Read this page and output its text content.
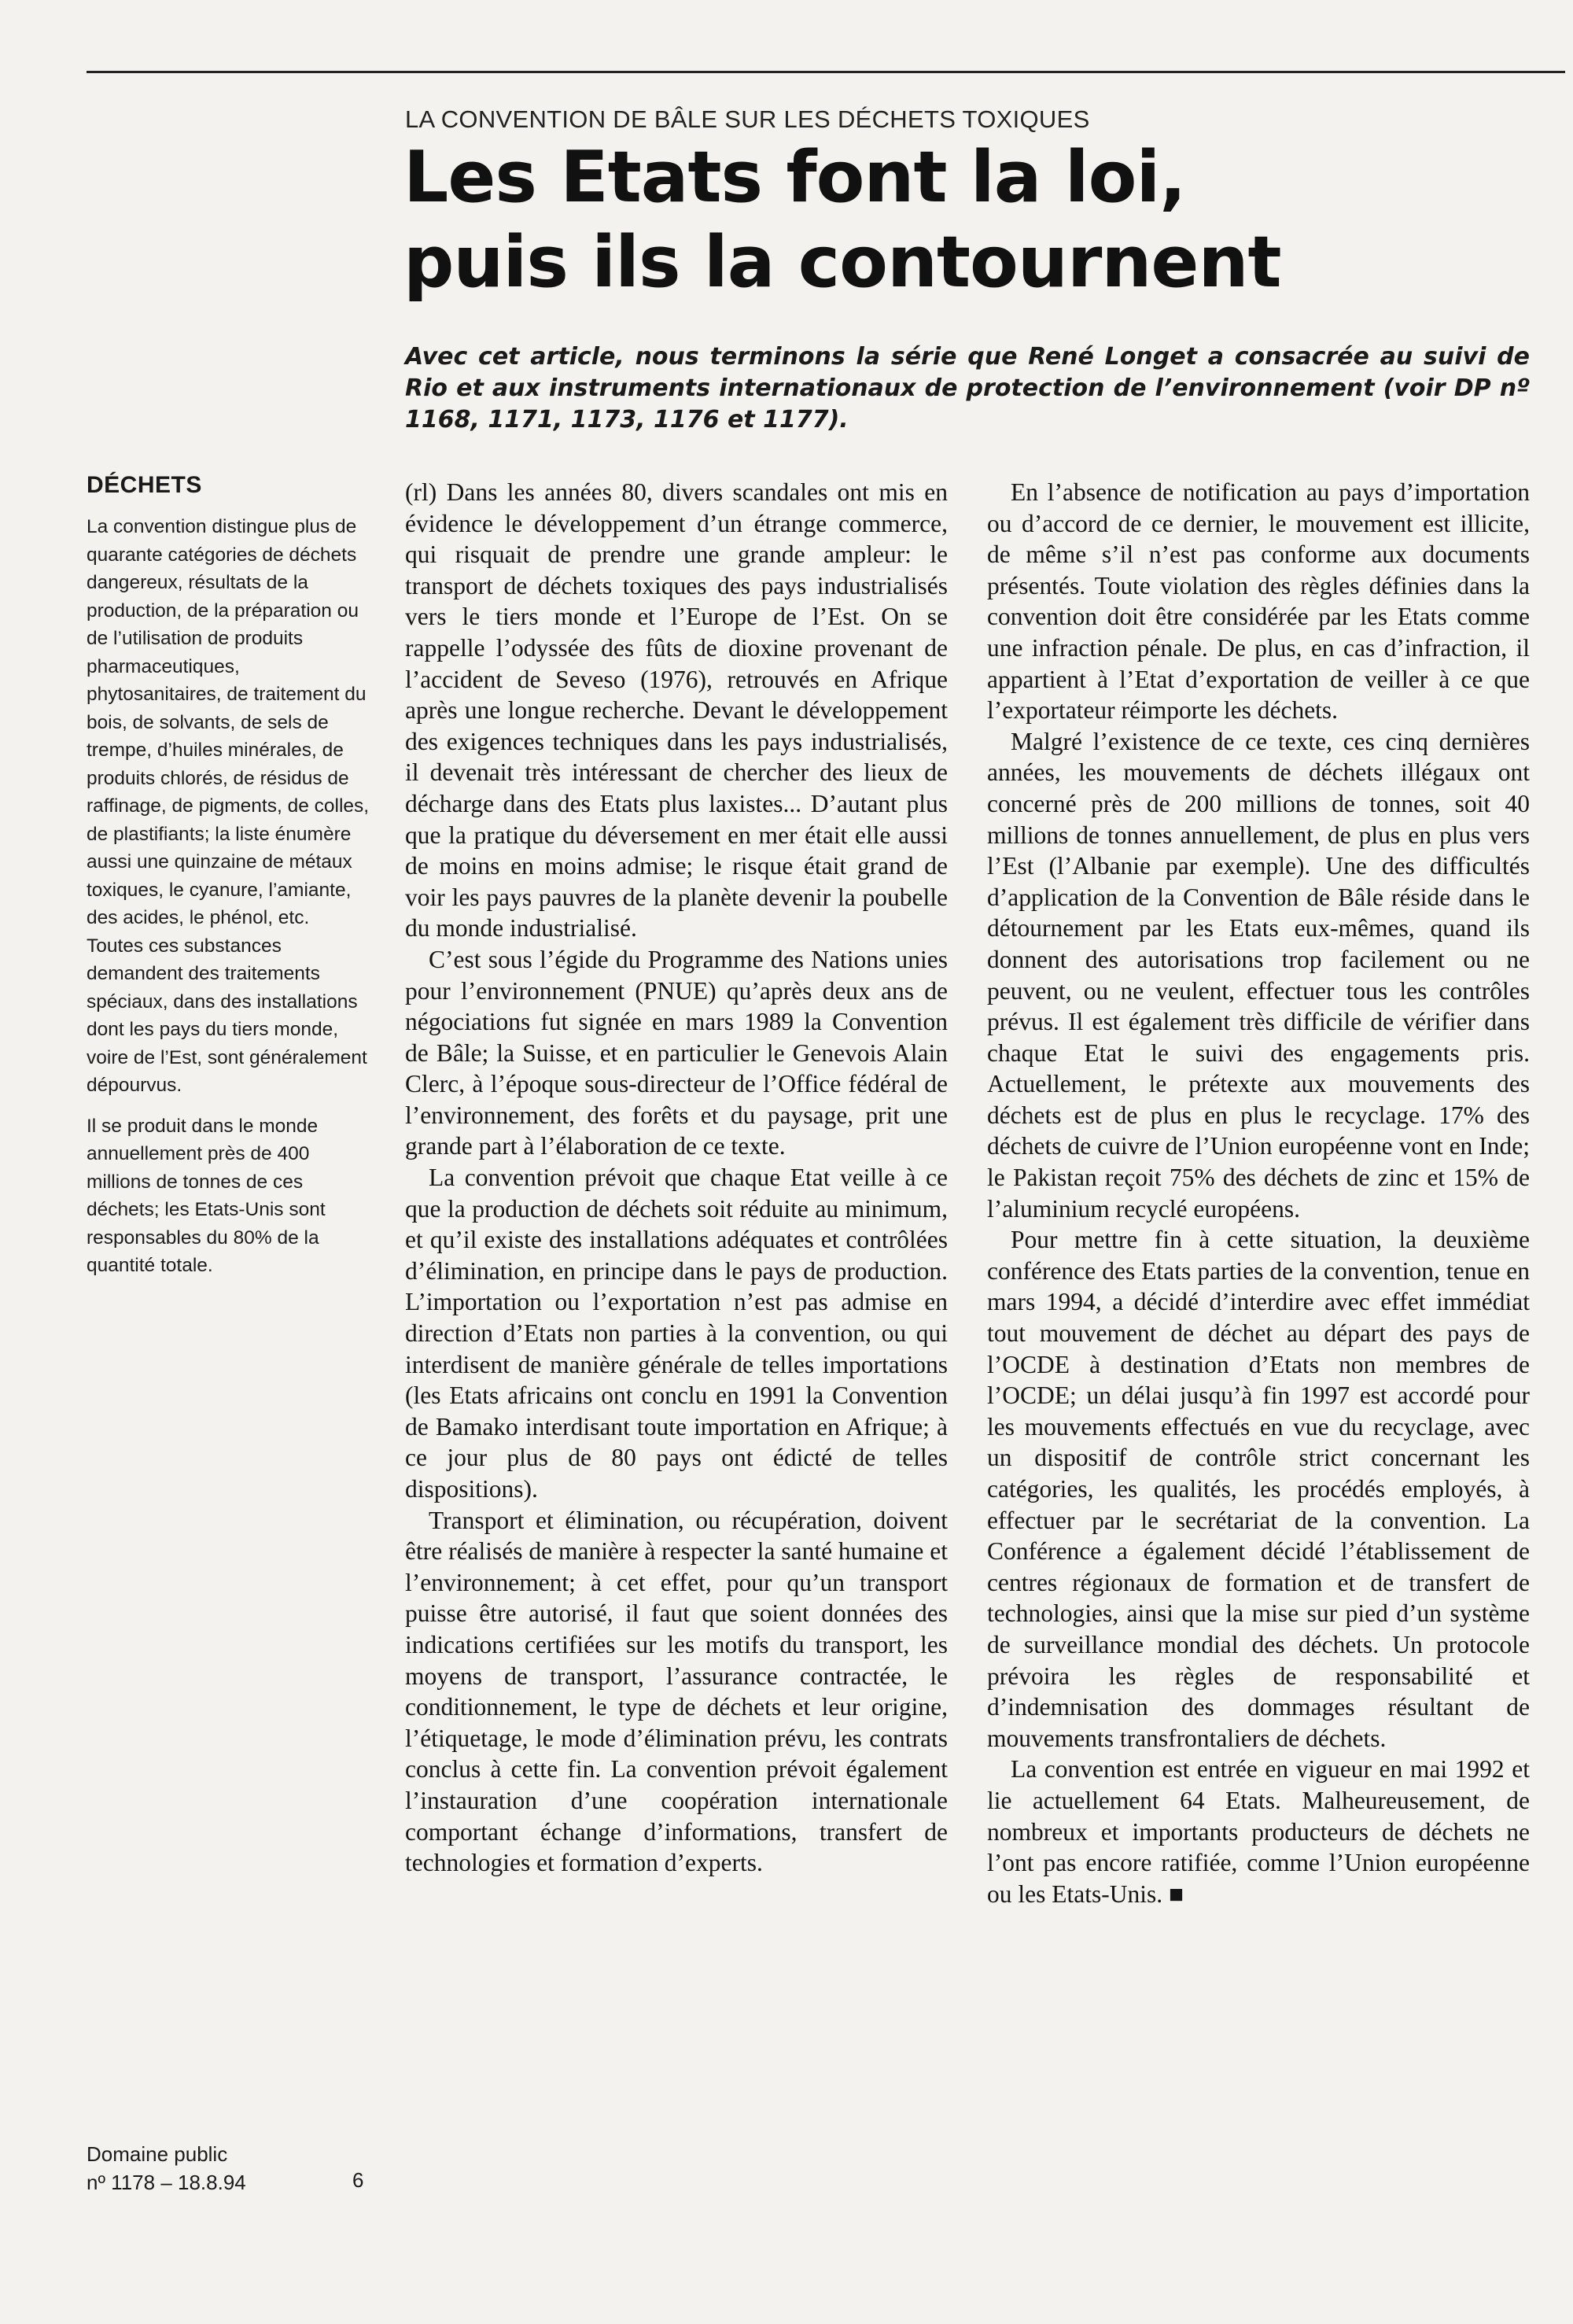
LA CONVENTION DE BÂLE SUR LES DÉCHETS TOXIQUES
Les Etats font la loi,
puis ils la contournent
Avec cet article, nous terminons la série que René Longet a consacrée au suivi de Rio et aux instruments internationaux de protection de l’environnement (voir DP nº 1168, 1171, 1173, 1176 et 1177).
DÉCHETS

La convention distingue plus de quarante catégories de déchets dangereux, résultats de la production, de la préparation ou de l’utilisation de produits pharmaceutiques, phytosanitaires, de traitement du bois, de solvants, de sels de trempe, d’huiles minérales, de produits chlorés, de résidus de raffinage, de pigments, de colles, de plastifiants; la liste énumère aussi une quinzaine de métaux toxiques, le cyanure, l’amiante, des acides, le phénol, etc. Toutes ces substances demandent des traitements spéciaux, dans des installations dont les pays du tiers monde, voire de l’Est, sont généralement dépourvus.

Il se produit dans le monde annuellement près de 400 millions de tonnes de ces déchets; les Etats-Unis sont responsables du 80% de la quantité totale.

(rl) Dans les années 80, divers scandales ont mis en évidence le développement d’un étrange commerce, qui risquait de prendre une grande ampleur: le transport de déchets toxiques des pays industrialisés vers le tiers monde et l’Europe de l’Est. On se rappelle l’odyssée des fûts de dioxine provenant de l’accident de Seveso (1976), retrouvés en Afrique après une longue recherche. Devant le développement des exigences techniques dans les pays industrialisés, il devenait très intéressant de chercher des lieux de décharge dans des Etats plus laxistes... D’autant plus que la pratique du déversement en mer était elle aussi de moins en moins admise; le risque était grand de voir les pays pauvres de la planète devenir la poubelle du monde industrialisé.

C’est sous l’égide du Programme des Nations unies pour l’environnement (PNUE) qu’après deux ans de négociations fut signée en mars 1989 la Convention de Bâle; la Suisse, et en particulier le Genevois Alain Clerc, à l’époque sous-directeur de l’Office fédéral de l’environnement, des forêts et du paysage, prit une grande part à l’élaboration de ce texte.

La convention prévoit que chaque Etat veille à ce que la production de déchets soit réduite au minimum, et qu’il existe des installations adéquates et contrôlées d’élimination, en principe dans le pays de production. L’importation ou l’exportation n’est pas admise en direction d’Etats non parties à la convention, ou qui interdisent de manière générale de telles importations (les Etats africains ont conclu en 1991 la Convention de Bamako interdisant toute importation en Afrique; à ce jour plus de 80 pays ont édicté de telles dispositions).

Transport et élimination, ou récupération, doivent être réalisés de manière à respecter la santé humaine et l’environnement; à cet effet, pour qu’un transport puisse être autorisé, il faut que soient données des indications certifiées sur les motifs du transport, les moyens de transport, l’assurance contractée, le conditionnement, le type de déchets et leur origine, l’étiquetage, le mode d’élimination prévu, les contrats conclus à cette fin. La convention prévoit également l’instauration d’une coopération internationale comportant échange d’informations, transfert de technologies et formation d’experts.

En l’absence de notification au pays d’importation ou d’accord de ce dernier, le mouvement est illicite, de même s’il n’est pas conforme aux documents présentés. Toute violation des règles définies dans la convention doit être considérée par les Etats comme une infraction pénale. De plus, en cas d’infraction, il appartient à l’Etat d’exportation de veiller à ce que l’exportateur réimporte les déchets.

Malgré l’existence de ce texte, ces cinq dernières années, les mouvements de déchets illégaux ont concerné près de 200 millions de tonnes, soit 40 millions de tonnes annuellement, de plus en plus vers l’Est (l’Albanie par exemple). Une des difficultés d’application de la Convention de Bâle réside dans le détournement par les Etats eux-mêmes, quand ils donnent des autorisations trop facilement ou ne peuvent, ou ne veulent, effectuer tous les contrôles prévus. Il est également très difficile de vérifier dans chaque Etat le suivi des engagements pris. Actuellement, le prétexte aux mouvements des déchets est de plus en plus le recyclage. 17% des déchets de cuivre de l’Union européenne vont en Inde; le Pakistan reçoit 75% des déchets de zinc et 15% de l’aluminium recyclé européens.

Pour mettre fin à cette situation, la deuxième conférence des Etats parties de la convention, tenue en mars 1994, a décidé d’interdire avec effet immédiat tout mouvement de déchet au départ des pays de l’OCDE à destination d’Etats non membres de l’OCDE; un délai jusqu’à fin 1997 est accordé pour les mouvements effectués en vue du recyclage, avec un dispositif de contrôle strict concernant les catégories, les qualités, les procédés employés, à effectuer par le secrétariat de la convention. La Conférence a également décidé l’établissement de centres régionaux de formation et de transfert de technologies, ainsi que la mise sur pied d’un système de surveillance mondial des déchets. Un protocole prévoira les règles de responsabilité et d’indemnisation des dommages résultant de mouvements transfrontaliers de déchets.

La convention est entrée en vigueur en mai 1992 et lie actuellement 64 Etats. Malheureusement, de nombreux et importants producteurs de déchets ne l’ont pas encore ratifiée, comme l’Union européenne ou les Etats-Unis. ■

Domaine public
nº 1178 – 18.8.94	6
